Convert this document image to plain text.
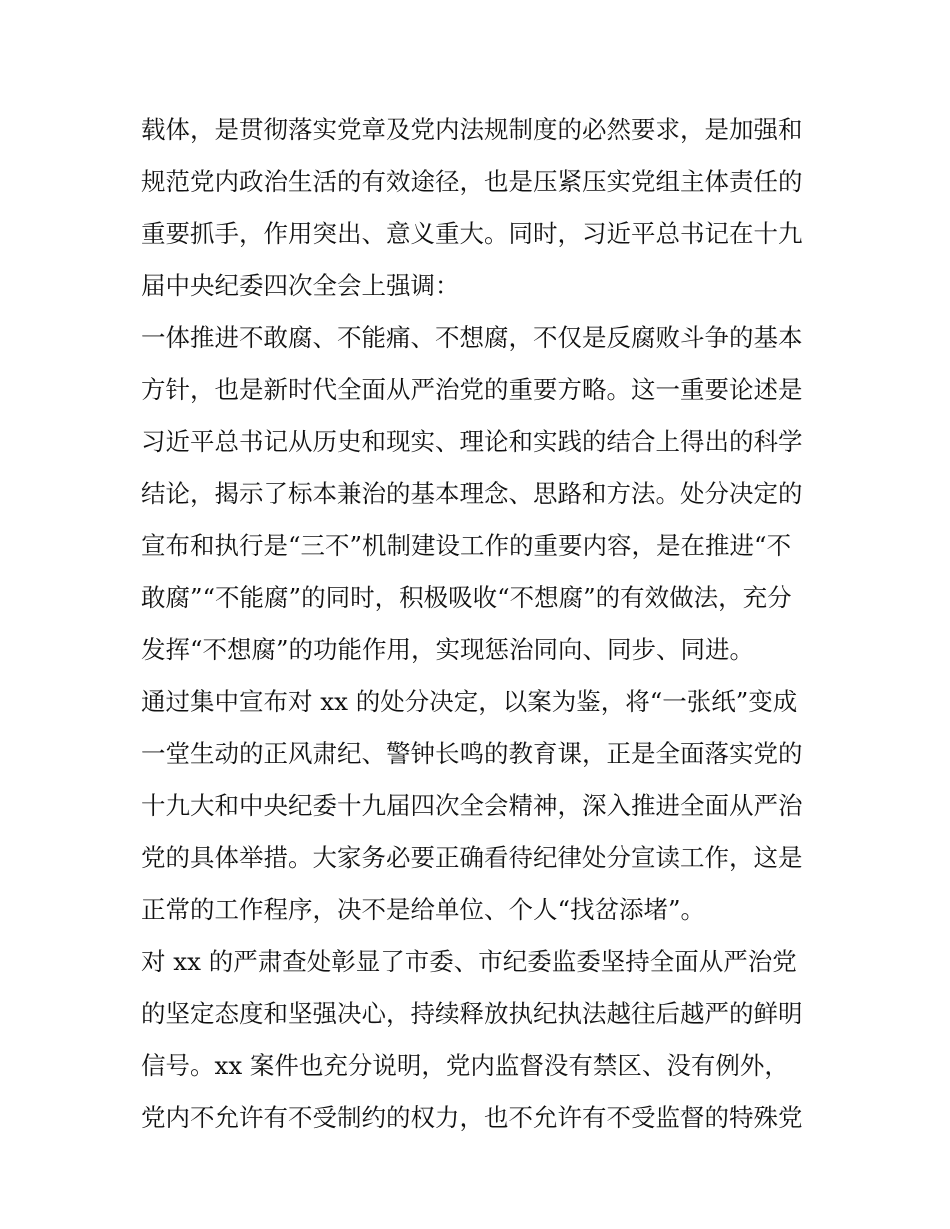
载体，是贯彻落实党章及党内法规制度的必然要求，是加强和
规范党内政治生活的有效途径，也是压紧压实党组主体责任的
重要抓手，作用突出、意义重大。同时，习近平总书记在十九
届中央纪委四次全会上强调：
一体推进不敢腐、不能痛、不想腐，不仅是反腐败斗争的基本
方针，也是新时代全面从严治党的重要方略。这一重要论述是
习近平总书记从历史和现实、理论和实践的结合上得出的科学
结论，揭示了标本兼治的基本理念、思路和方法。处分决定的
宣布和执行是“三不”机制建设工作的重要内容，是在推进“不
敢腐”“不能腐”的同时，积极吸收“不想腐”的有效做法，充分
发挥“不想腐”的功能作用，实现惩治同向、同步、同进。
通过集中宣布对 xx 的处分决定，以案为鉴，将“一张纸”变成
一堂生动的正风肃纪、警钟长鸣的教育课，正是全面落实党的
十九大和中央纪委十九届四次全会精神，深入推进全面从严治
党的具体举措。大家务必要正确看待纪律处分宣读工作，这是
正常的工作程序，决不是给单位、个人“找岔添堵”。
对 xx 的严肃查处彰显了市委、市纪委监委坚持全面从严治党
的坚定态度和坚强决心，持续释放执纪执法越往后越严的鲜明
信号。xx 案件也充分说明，党内监督没有禁区、没有例外，
党内不允许有不受制约的权力，也不允许有不受监督的特殊党
